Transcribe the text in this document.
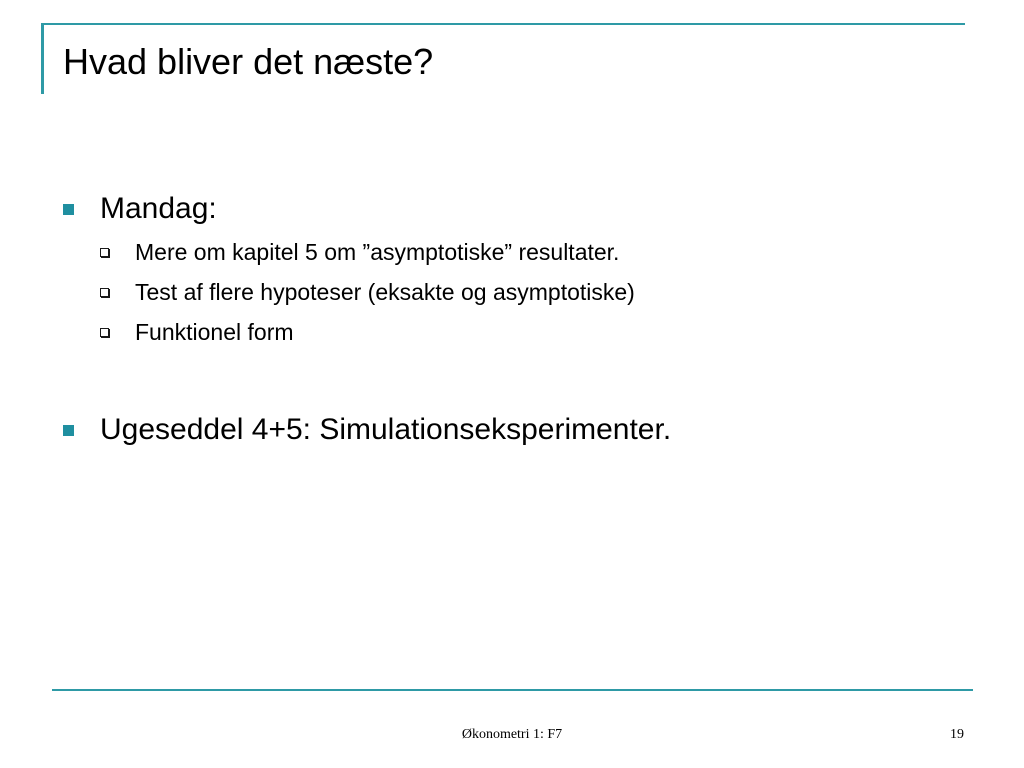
Hvad bliver det næste?
Mandag:
Mere om kapitel 5 om ”asymptotiske” resultater.
Test af flere hypoteser (eksakte og asymptotiske)
Funktionel form
Ugeseddel 4+5: Simulationseksperimenter.
Økonometri 1: F7	19
